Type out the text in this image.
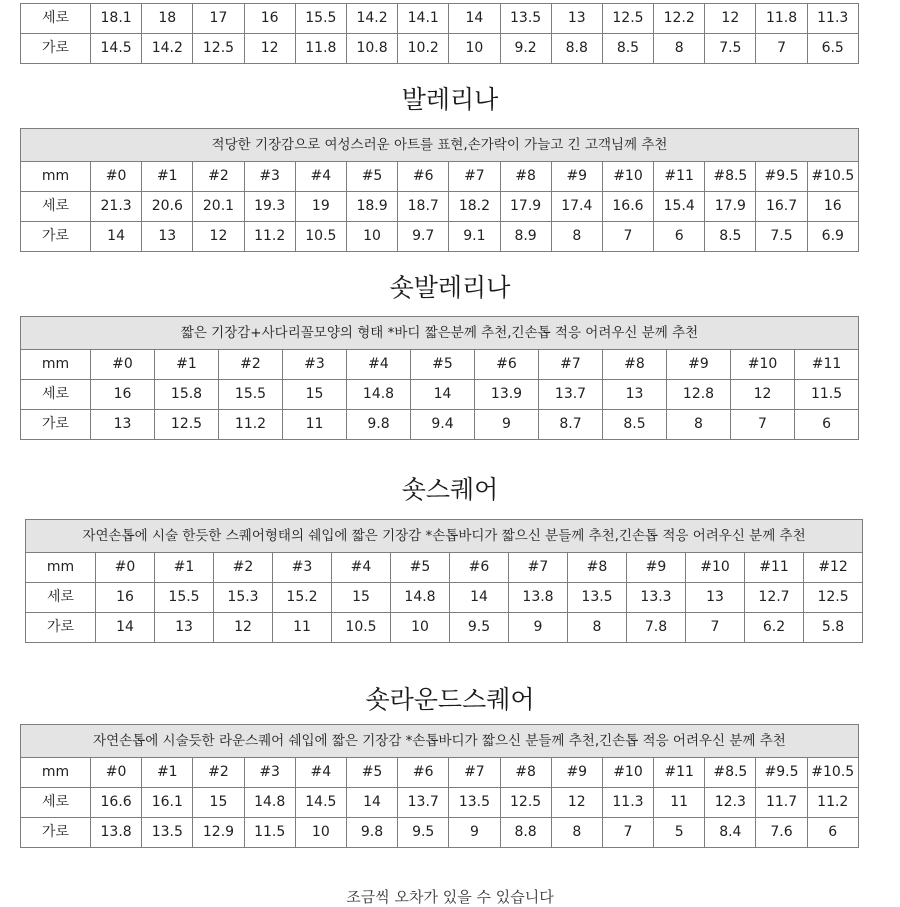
세로	18.1	18	17	16	15.5	14.2	14.1	14	13.5	13	12.5	12.2	12	11.8	11.3
가로	14.5	14.2	12.5	12	11.8	10.8	10.2	10	9.2	8.8	8.5	8	7.5	7	6.5
발레리나
적당한 기장감으로 여성스러운 아트를 표현,손가락이 가늘고 긴 고객님께 추천															
mm	#0	#1	#2	#3	#4	#5	#6	#7	#8	#9	#10	#11	#8.5	#9.5	#10.5
세로	21.3	20.6	20.1	19.3	19	18.9	18.7	18.2	17.9	17.4	16.6	15.4	17.9	16.7	16
가로	14	13	12	11.2	10.5	10	9.7	9.1	8.9	8	7	6	8.5	7.5	6.9
숏발레리나
짧은 기장감+사다리꼴모양의 형태 *바디 짧은분께 추천,긴손톱 적응 어려우신 분께 추천												
mm	#0	#1	#2	#3	#4	#5	#6	#7	#8	#9	#10	#11
세로	16	15.8	15.5	15	14.8	14	13.9	13.7	13	12.8	12	11.5
가로	13	12.5	11.2	11	9.8	9.4	9	8.7	8.5	8	7	6
숏스퀘어
자연손톱에 시술 한듯한 스퀘어형태의 쉐입에 짧은 기장감 *손톱바디가 짧으신 분들께 추천,긴손톱 적응 어려우신 분께 추천													
mm	#0	#1	#2	#3	#4	#5	#6	#7	#8	#9	#10	#11	#12
세로	16	15.5	15.3	15.2	15	14.8	14	13.8	13.5	13.3	13	12.7	12.5
가로	14	13	12	11	10.5	10	9.5	9	8	7.8	7	6.2	5.8
숏라운드스퀘어
자연손톱에 시술듯한 라운스퀘어 쉐입에 짧은 기장감 *손톱바디가 짧으신 분들께 추천,긴손톱 적응 어려우신 분께 추천															
mm	#0	#1	#2	#3	#4	#5	#6	#7	#8	#9	#10	#11	#8.5	#9.5	#10.5
세로	16.6	16.1	15	14.8	14.5	14	13.7	13.5	12.5	12	11.3	11	12.3	11.7	11.2
가로	13.8	13.5	12.9	11.5	10	9.8	9.5	9	8.8	8	7	5	8.4	7.6	6
조금씩 오차가 있을 수 있습니다
